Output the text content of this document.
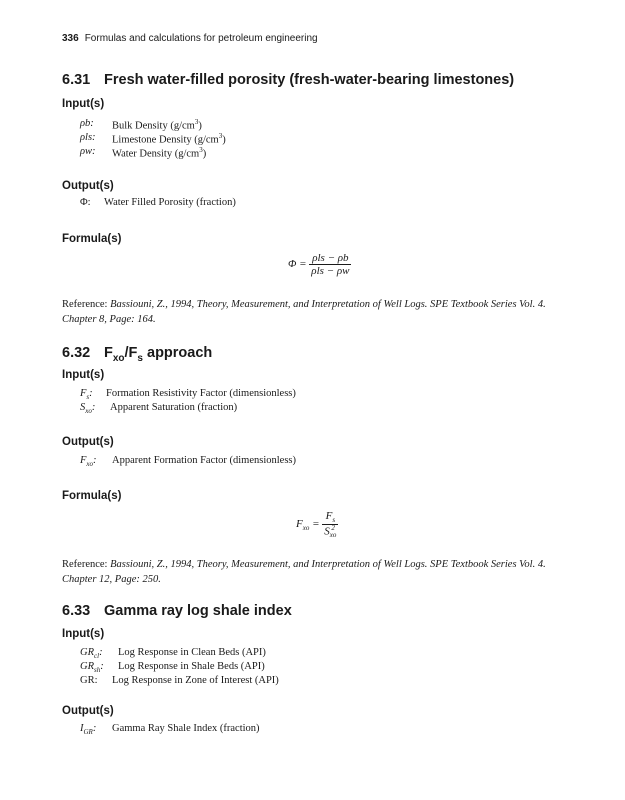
336 Formulas and calculations for petroleum engineering
6.31 Fresh water-filled porosity (fresh-water-bearing limestones)
Input(s)
ρb: Bulk Density $(g/cm^3)$
ρls: Limestone Density $(g/cm^3)$
ρw: Water Density $(g/cm^3)$
Output(s)
Φ: Water Filled Porosity (fraction)
Formula(s)
$\Phi = \frac{\text{ρls − ρb}}{\text{ρls − ρw}}$
Reference: Bassiouni, Z., 1994, Theory, Measurement, and Interpretation of Well Logs. SPE Textbook Series Vol. 4. Chapter 8, Page: 164.
6.32 $F_{xo}/F_s$ approach
Input(s)
$F_s$: Formation Resistivity Factor (dimensionless)
$S_{xo}$: Apparent Saturation (fraction)
Output(s)
$F_{xo}$: Apparent Formation Factor (dimensionless)
Formula(s)
$F_{xo} = F_s$
S 2
xo
Reference: Bassiouni, Z., 1994, Theory, Measurement, and Interpretation of Well Logs. SPE Textbook Series Vol. 4. Chapter 12, Page: 250.
6.33 Gamma ray log shale index
Input(s)
$GR_{cl}$: Log Response in Clean Beds (API)
$GR_{sh}$: Log Response in Shale Beds (API)
GR: Log Response in Zone of Interest (API)
Output(s)
$I_{GR}$: Gamma Ray Shale Index (fraction)
